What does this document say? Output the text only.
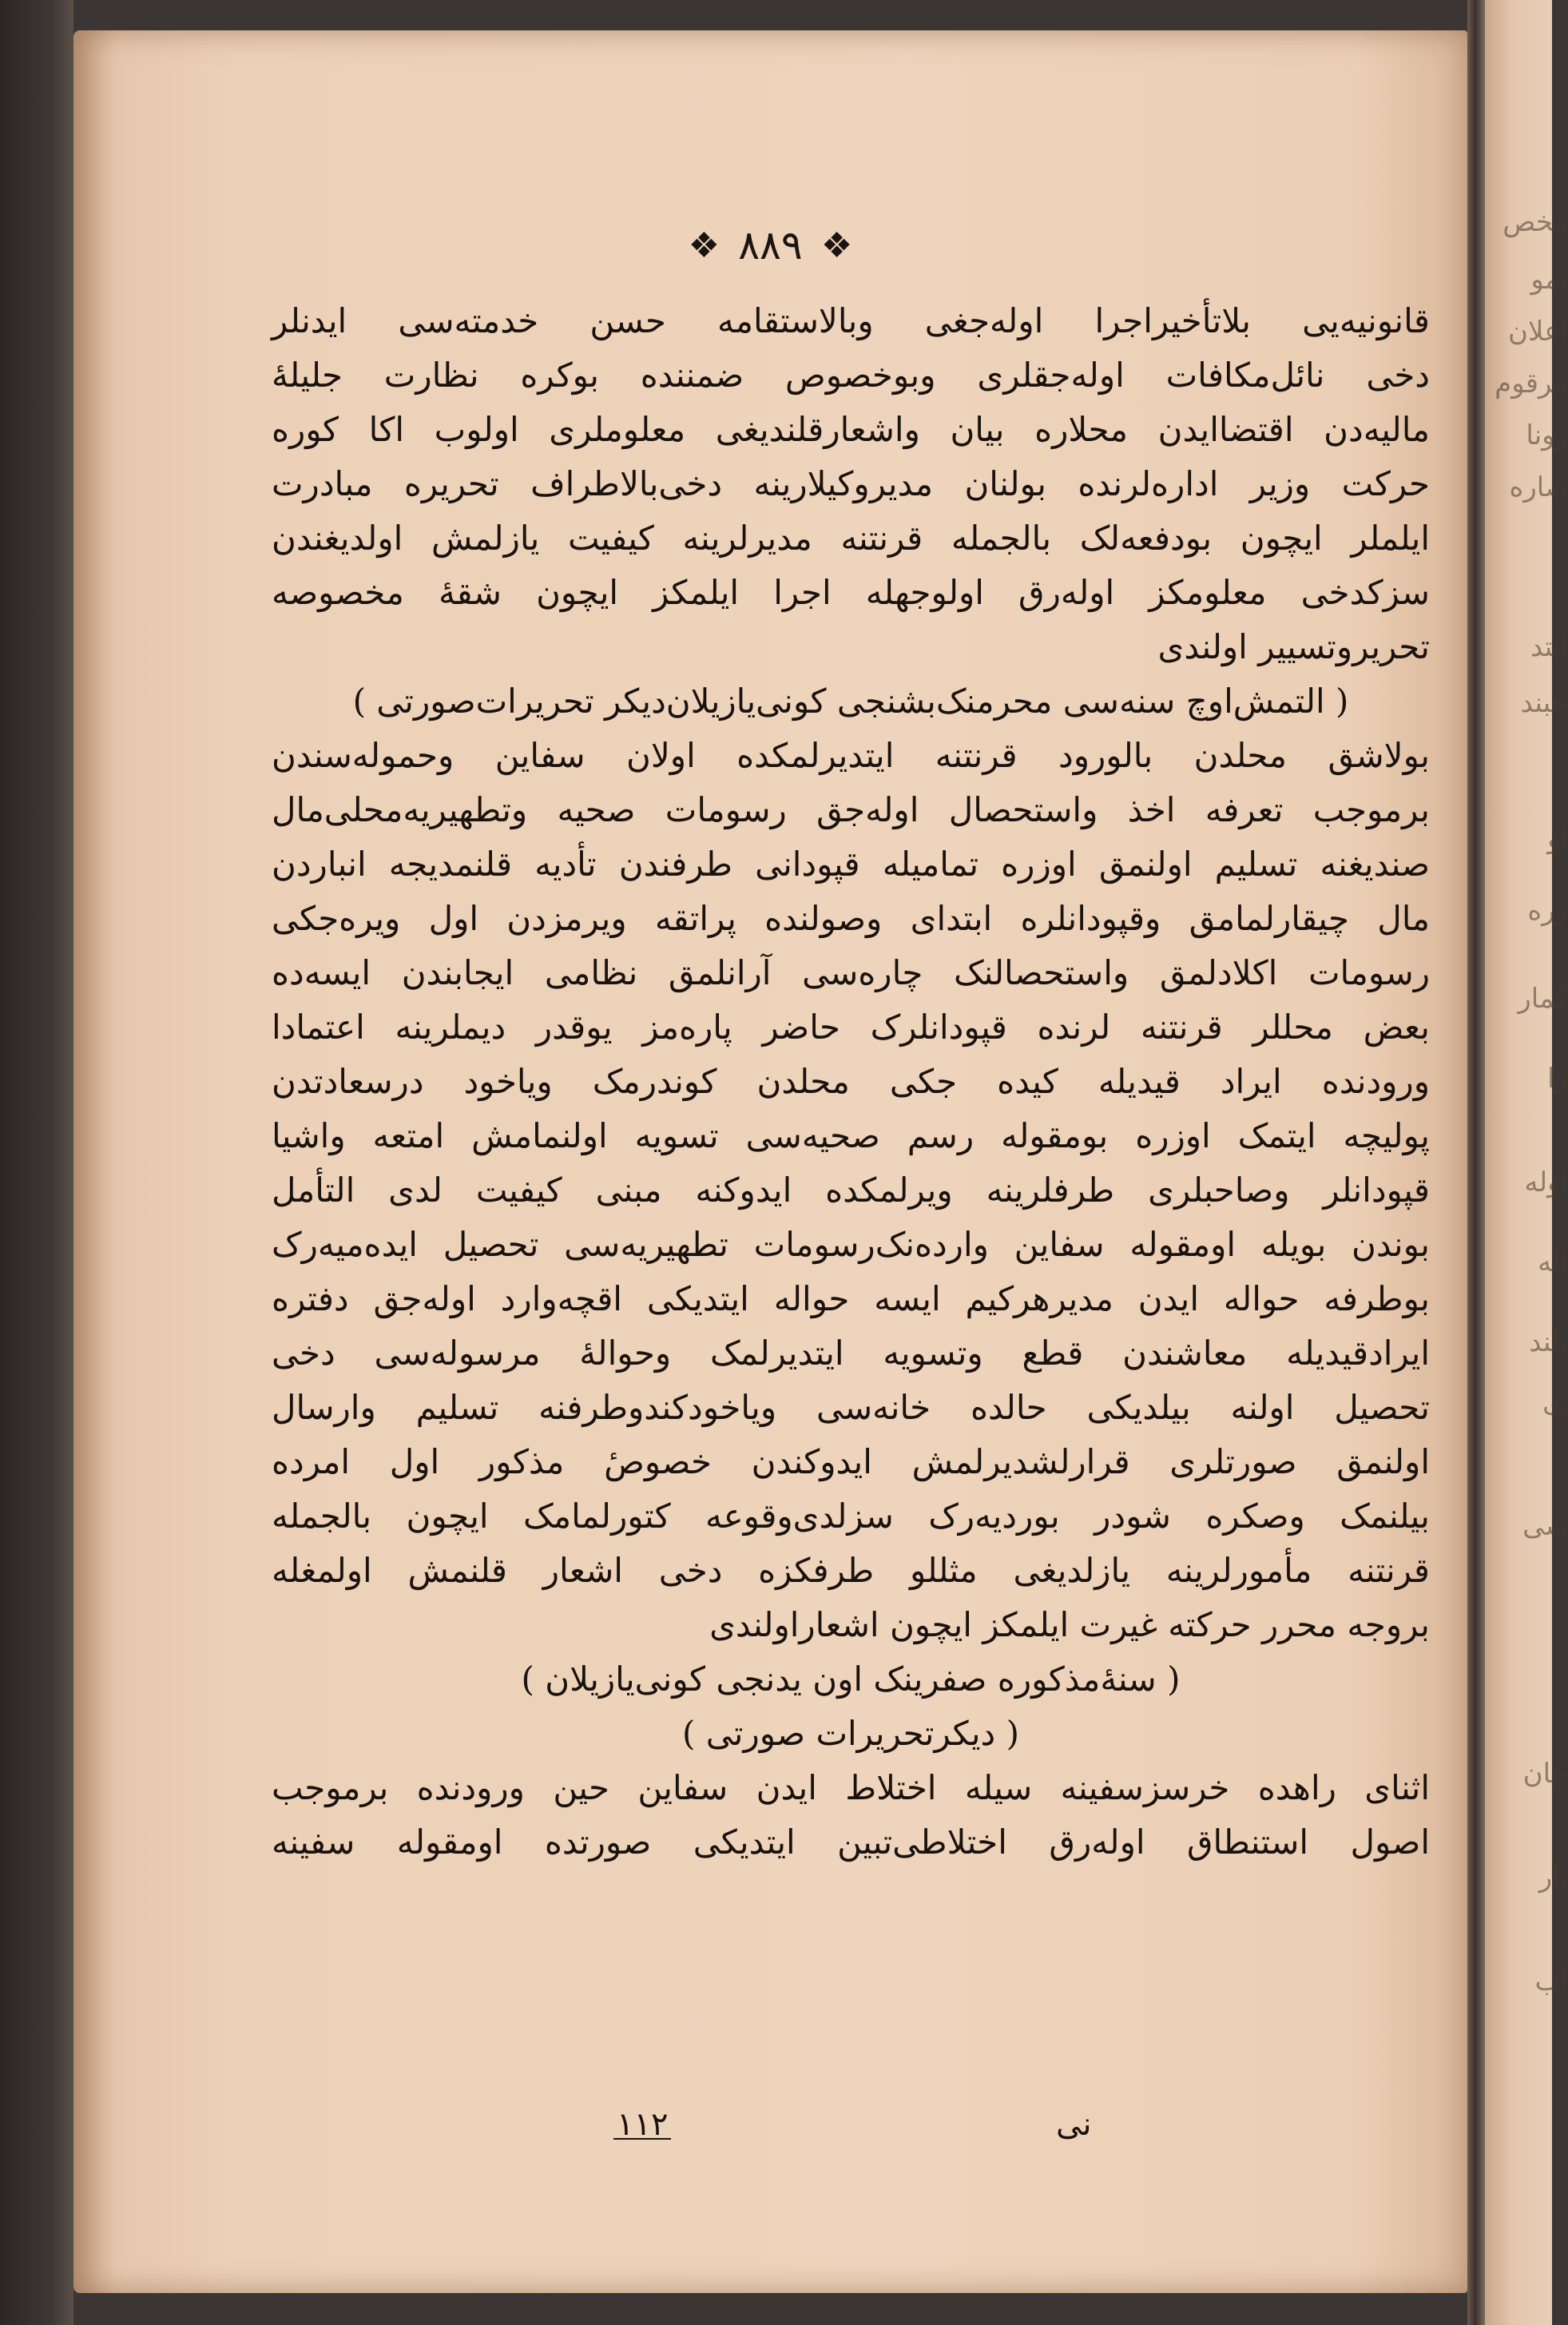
❖ ٨٨٩ ❖
قانونیه‌یی بلاتأخیراجرا اوله‌جغی وبالاستقامه حسن خدمته‌سی ایدنلر
دخی نائل‌مکافات اوله‌جقلری وبوخصوص ضمننده بوکره نظارت جلیلهٔ
مالیه‌دن اقتضاایدن محلاره بیان واشعارقلندیغی معلوملری اولوب اکا کوره
حرکت وزیر اداره‌لرنده بولنان مدیروکیلارینه دخی‌بالاطراف تحریره مبادرت
ایلملر ایچون بودفعه‌لک بالجمله قرنتنه مدیرلرینه کیفیت یازلمش اولدیغندن
سزکدخی معلومکز اوله‌رق اولوجهله اجرا ایلمکز ایچون شقهٔ مخصوصه
تحریروتسییر اولندی
( التمش‌اوچ سنه‌سی محرمنک‌بشنجی کونی‌یازیلان‌دیکر تحریرات‌صورتی )
بولاشق محلدن بالورود قرنتنه ایتدیرلمکده اولان سفاین وحموله‌سندن
برموجب تعرفه اخذ واستحصال اوله‌جق رسومات صحیه وتطهیریه‌محلی‌مال
صندیغنه تسلیم اولنمق اوزره تمامیله قپودانی طرفندن تأدیه قلنمدیجه انباردن
مال چیقارلمامق وقپودانلره ابتدای وصولنده پراتقه ویرمزدن اول ویره‌جکی
رسومات اکلادلمق واستحصالنک چاره‌سی آرانلمق نظامی ایجابندن ایسه‌ده
بعض محللر قرنتنه لرنده قپودانلرک حاضر پاره‌مز یوقدر دیملرینه اعتمادا
ورودنده ایراد قیدیله کیده جکی محلدن کوندرمک ویاخود درسعادتدن
پولیچه ایتمک اوزره بومقوله رسم صحیه‌سی تسویه اولنمامش امتعه واشیا
قپودانلر وصاحبلری طرفلرینه ویرلمکده ایدوکنه مبنی کیفیت لدی التأمل
بوندن بویله اومقوله سفاین وارده‌نک‌رسومات تطهیریه‌سی تحصیل ایده‌میه‌رک
بوطرفه حواله ایدن مدیرهرکیم ایسه حواله ایتدیکی اقچه‌وارد اوله‌جق دفتره
ایرادقیدیله معاشندن قطع وتسویه ایتدیرلمک وحوالهٔ مرسوله‌سی دخی
تحصیل اولنه بیلدیکی حالده خانه‌سی ویاخودکندوطرفنه تسلیم وارسال
اولنمق صورتلری قرارلشدیرلمش ایدوکندن خصوصٔ مذکور اول امرده
بیلنمک وصکره شودر بوردیه‌رک سزلدی‌وقوعه کتورلمامک ایچون بالجمله
قرنتنه مأمورلرینه یازلدیغی مثللو طرفکزه دخی اشعار قلنمش اولمغله
بروجه محرر حرکته غیرت ایلمکز ایچون اشعاراولندی
( سنهٔ‌مذکوره صفرینک اون یدنجی کونی‌یازیلان )
( دیکرتحریرات صورتی )
اثنای راهده خرسزسفینه سیله اختلاط ایدن سفاین حین ورودنده برموجب
اصول استنطاق اوله‌رق اختلاطی‌تبین ایتدیکی صورتده اومقوله سفینه
١١٢	نی
مخص
نمو
اعلان
مرقوم
رونا
صاره
ابتد
حبند
او
وره
کمار
را
اوله
اله
یلند
ت
سی
جان
نار
اب
